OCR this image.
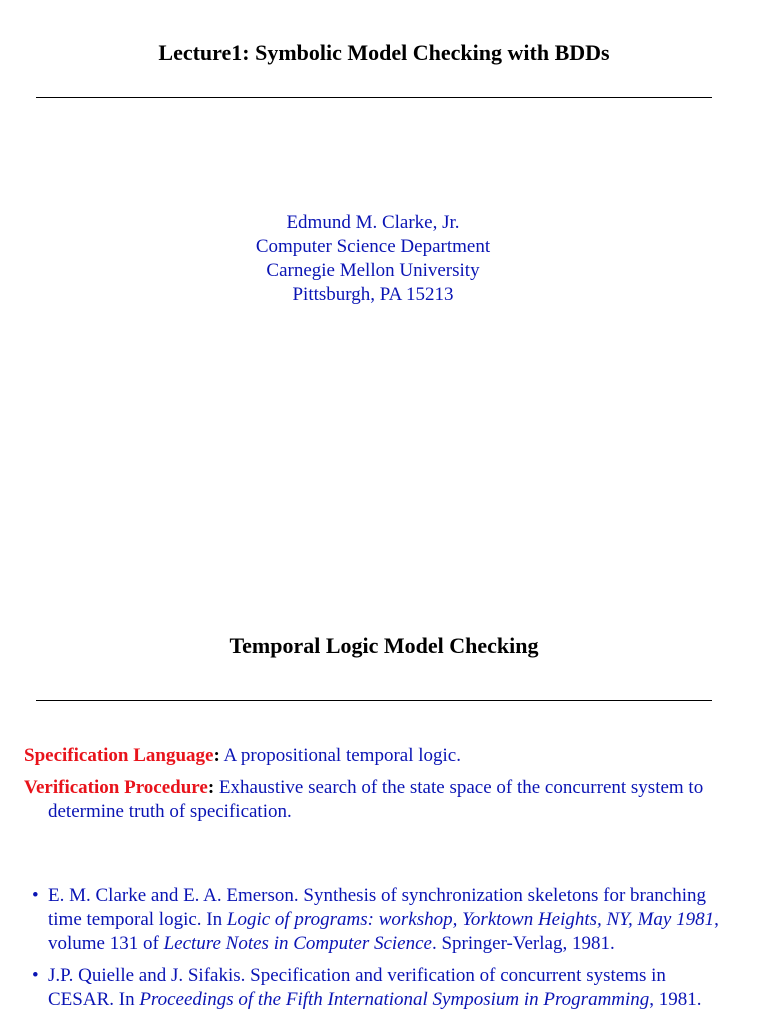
Lecture1: Symbolic Model Checking with BDDs
Edmund M. Clarke, Jr.
Computer Science Department
Carnegie Mellon University
Pittsburgh, PA 15213
Temporal Logic Model Checking
Specification Language: A propositional temporal logic.
Verification Procedure: Exhaustive search of the state space of the concurrent system to determine truth of specification.
• E. M. Clarke and E. A. Emerson. Synthesis of synchronization skeletons for branching time temporal logic. In Logic of programs: workshop, Yorktown Heights, NY, May 1981, volume 131 of Lecture Notes in Computer Science. Springer-Verlag, 1981.
• J.P. Quielle and J. Sifakis. Specification and verification of concurrent systems in CESAR. In Proceedings of the Fifth International Symposium in Programming, 1981.
